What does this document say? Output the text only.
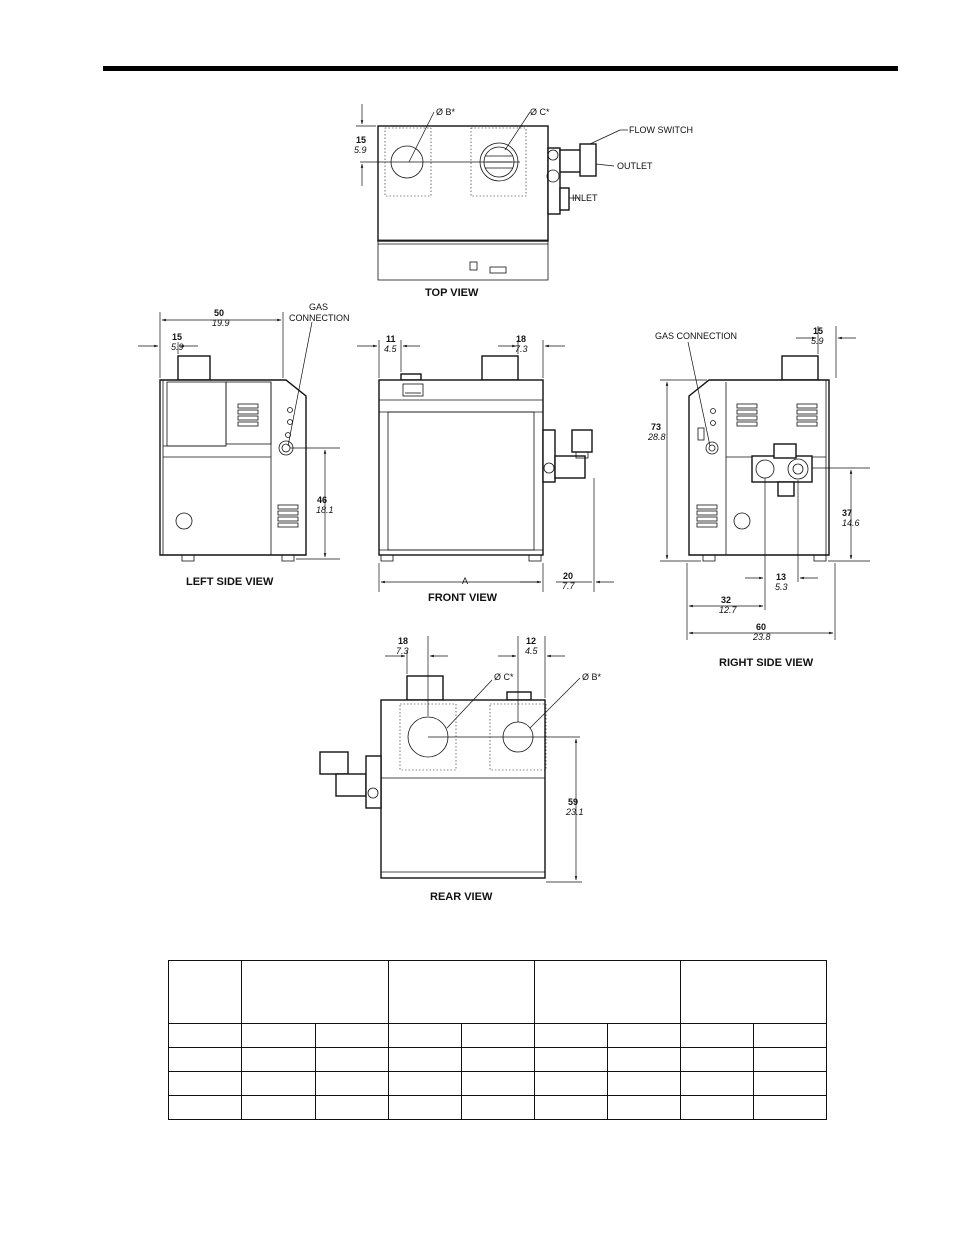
15
5.9
Ø B*	Ø C*
FLOW SWITCH
OUTLET
INLET
TOP VIEW
50
19.9
15
5.9
46
18.1
GAS
CONNECTION
LEFT SIDE VIEW
11
4.5
18
7.3
A	20
7.7
FRONT VIEW
15
5.9
73
28.8
37
14.6
13
5.3
32
12.7
60
23.8
GAS CONNECTION
RIGHT SIDE VIEW
18
7.3
12
4.5
59
23.1
Ø C*	Ø B*
REAR VIEW
